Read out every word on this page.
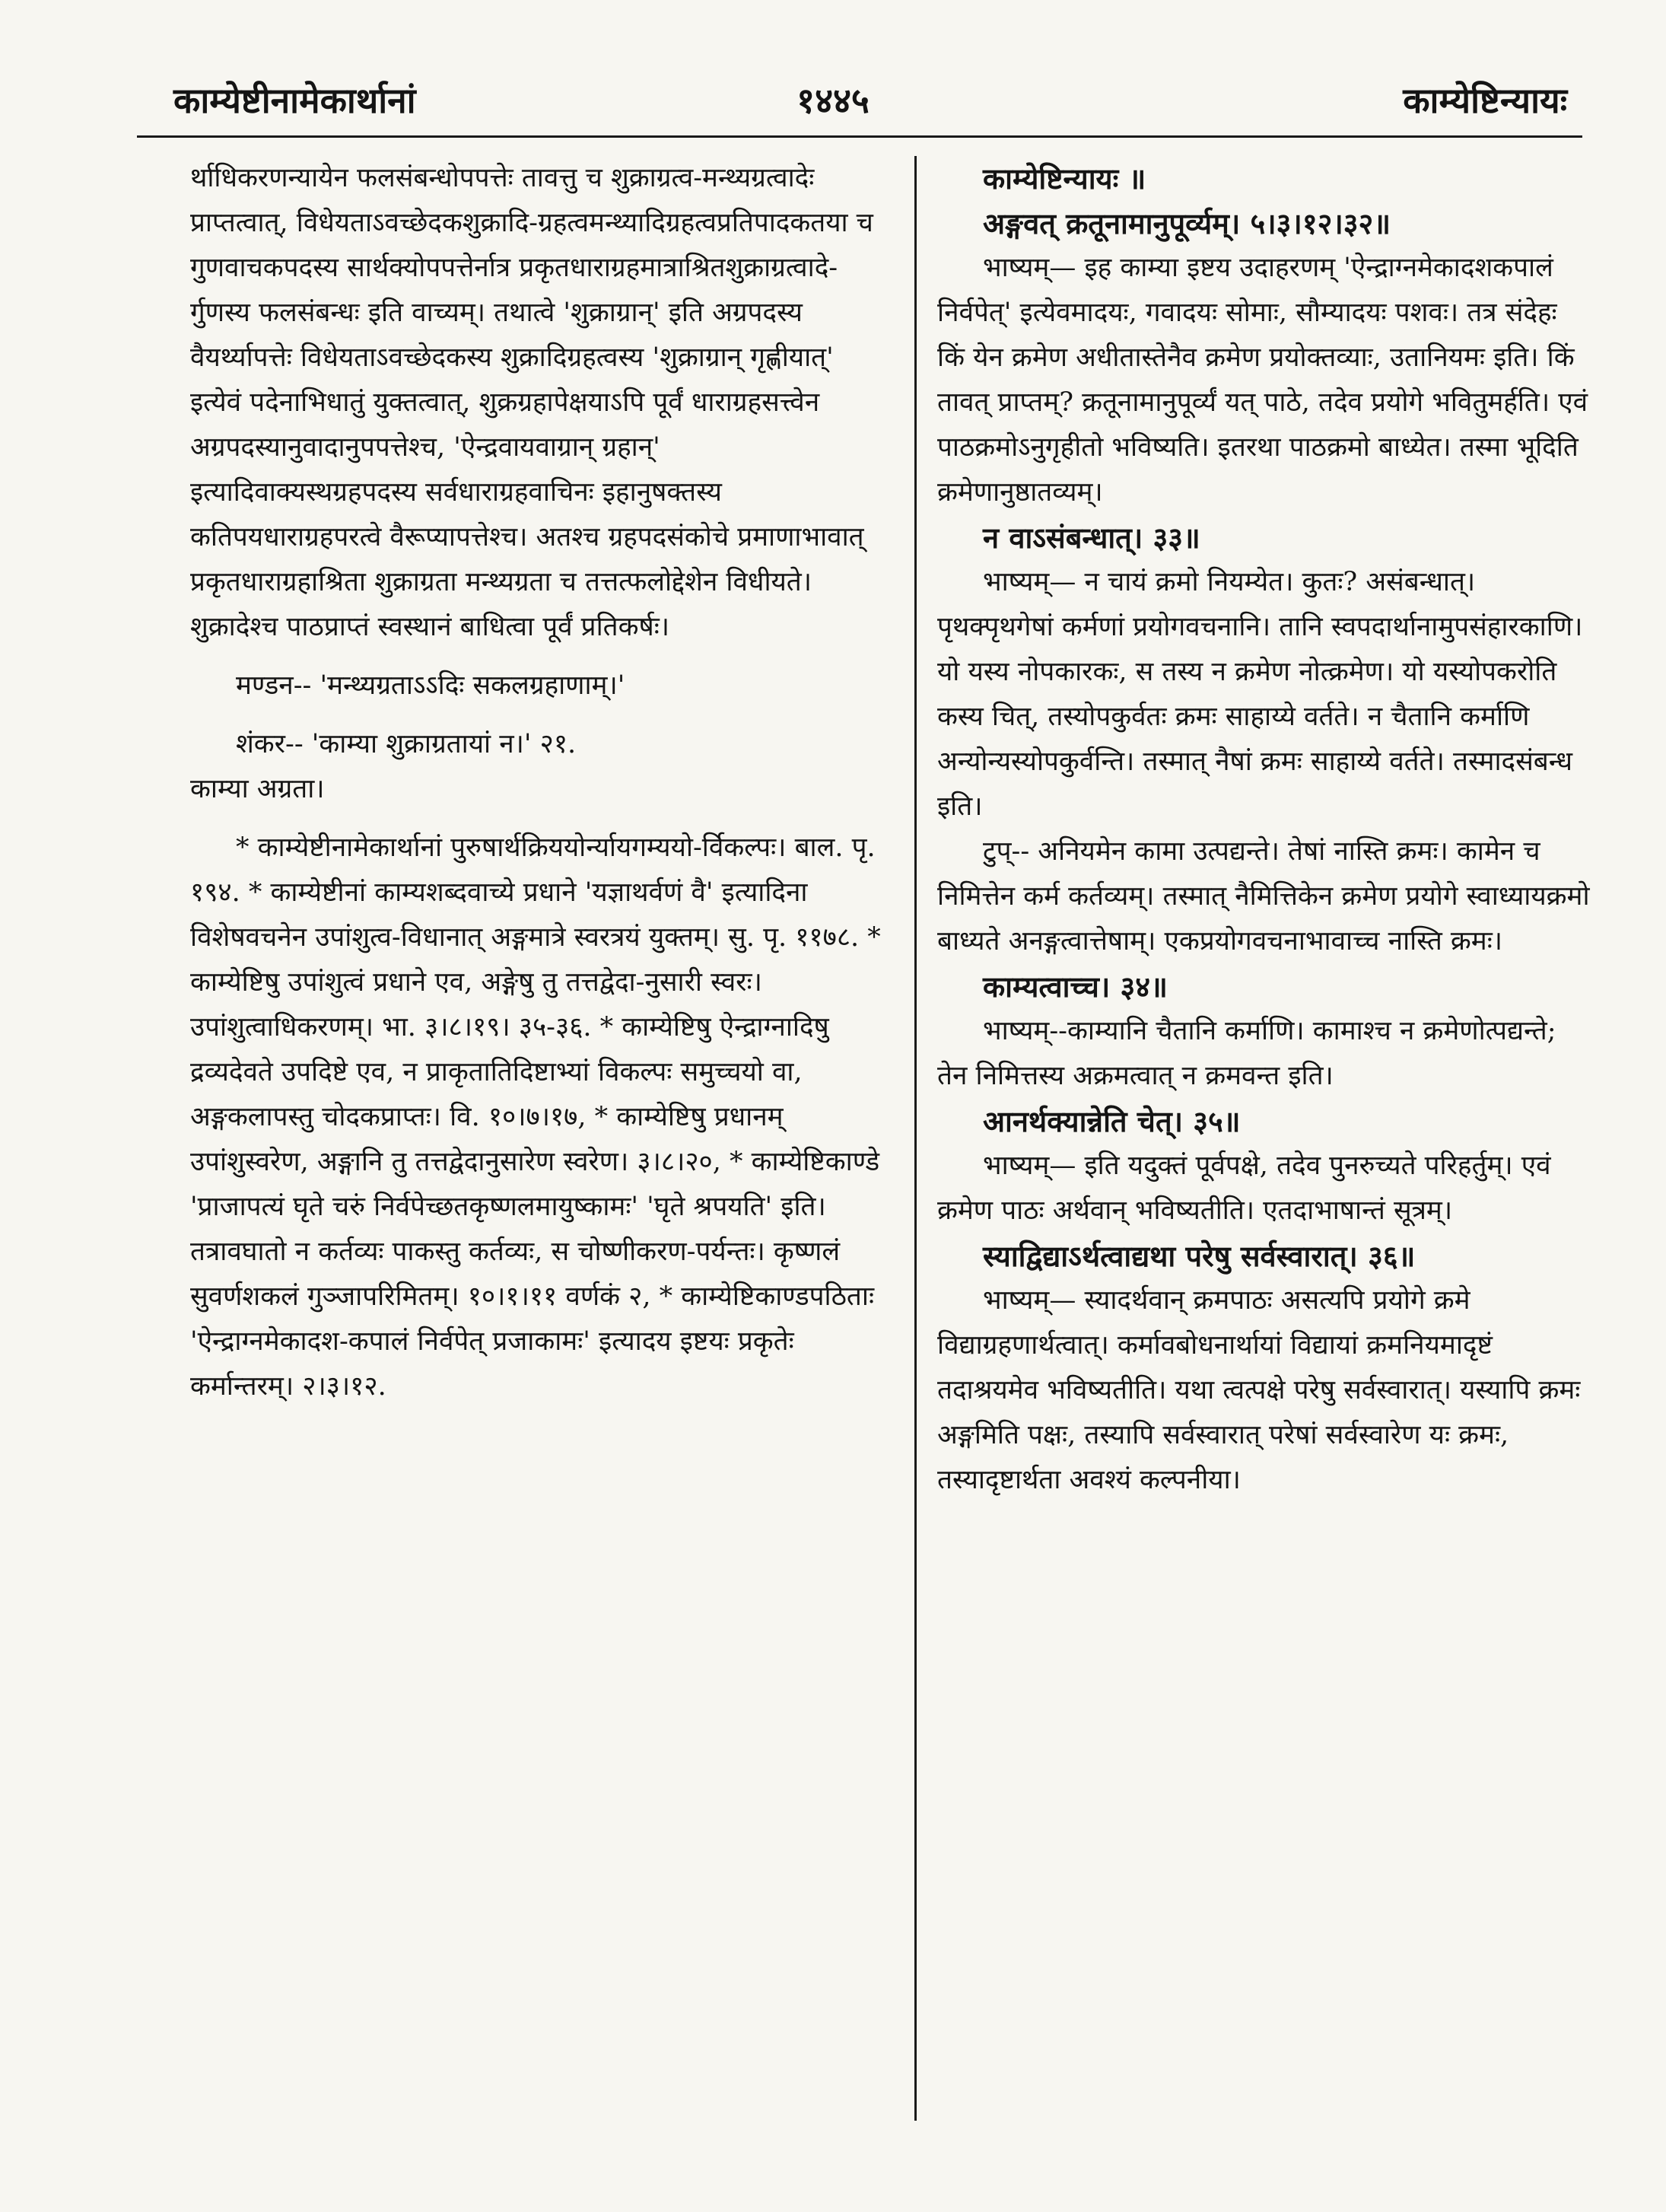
काम्येष्टीनामेकार्थानां	१४४५	काम्येष्टिन्यायः

र्थाधिकरणन्यायेन फलसंबन्धोपपत्तेः तावत्तु च शुक्राग्रत्व-मन्थ्यग्रत्वादेः प्राप्तत्वात्, विधेयताऽवच्छेदकशुक्रादि-ग्रहत्वमन्थ्यादिग्रहत्वप्रतिपादकतया च गुणवाचकपदस्य सार्थक्योपपत्तेर्नात्र प्रकृतधाराग्रहमात्राश्रितशुक्राग्रत्वादे-र्गुणस्य फलसंबन्धः इति वाच्यम्। तथात्वे 'शुक्राग्रान्' इति अग्रपदस्य वैयर्थ्यापत्तेः विधेयताऽवच्छेदकस्य शुक्रादिग्रहत्वस्य 'शुक्राग्रान् गृह्णीयात्' इत्येवं पदेनाभिधातुं युक्तत्वात्, शुक्रग्रहापेक्षयाऽपि पूर्वं धाराग्रहसत्त्वेन अग्रपदस्यानुवादानुपपत्तेश्च, 'ऐन्द्रवायवाग्रान् ग्रहान्' इत्यादिवाक्यस्थग्रहपदस्य सर्वधाराग्रहवाचिनः इहानुषक्तस्य कतिपयधाराग्रहपरत्वे वैरूप्यापत्तेश्च। अतश्च ग्रहपदसंकोचे प्रमाणाभावात् प्रकृतधाराग्रहाश्रिता शुक्राग्रता मन्थ्यग्रता च तत्तत्फलोद्देशेन विधीयते। शुक्रादेश्च पाठप्राप्तं स्वस्थानं बाधित्वा पूर्वं प्रतिकर्षः।

मण्डन-- 'मन्थ्यग्रताऽऽदिः सकलग्रहाणाम्।'

शंकर-- 'काम्या शुक्राग्रतायां न।' २१.

काम्या अग्रता।

* काम्येष्टीनामेकार्थानां पुरुषार्थक्रिययोर्न्यायगम्ययो-र्विकल्पः। बाल. पृ. १९४. * काम्येष्टीनां काम्यशब्दवाच्ये प्रधाने 'यज्ञाथर्वणं वै' इत्यादिना विशेषवचनेन उपांशुत्व-विधानात् अङ्गमात्रे स्वरत्रयं युक्तम्। सु. पृ. ११७८. * काम्येष्टिषु उपांशुत्वं प्रधाने एव, अङ्गेषु तु तत्तद्वेदा-नुसारी स्वरः। उपांशुत्वाधिकरणम्। भा. ३।८।१९। ३५-३६. * काम्येष्टिषु ऐन्द्राग्नादिषु द्रव्यदेवते उपदिष्टे एव, न प्राकृतातिदिष्टाभ्यां विकल्पः समुच्चयो वा, अङ्गकलापस्तु चोदकप्राप्तः। वि. १०।७।१७, * काम्येष्टिषु प्रधानम् उपांशुस्वरेण, अङ्गानि तु तत्तद्वेदानुसारेण स्वरेण। ३।८।२०, * काम्येष्टिकाण्डे 'प्राजापत्यं घृते चरुं निर्वपेच्छतकृष्णलमायुष्कामः' 'घृते श्रपयति' इति। तत्रावघातो न कर्तव्यः पाकस्तु कर्तव्यः, स चोष्णीकरण-पर्यन्तः। कृष्णलं सुवर्णशकलं गुञ्जापरिमितम्। १०।१।११ वर्णकं २, * काम्येष्टिकाण्डपठिताः 'ऐन्द्राग्नमेकादश-कपालं निर्वपेत् प्रजाकामः' इत्यादय इष्टयः प्रकृतेः कर्मान्तरम्। २।३।१२.

काम्येष्टिन्यायः ॥

अङ्गवत् क्रतूनामानुपूर्व्यम्। ५।३।१२।३२॥

भाष्यम्— इह काम्या इष्टय उदाहरणम् 'ऐन्द्राग्नमेकादशकपालं निर्वपेत्' इत्येवमादयः, गवादयः सोमाः, सौम्यादयः पशवः। तत्र संदेहः किं येन क्रमेण अधीतास्तेनैव क्रमेण प्रयोक्तव्याः, उतानियमः इति। किं तावत् प्राप्तम्? क्रतूनामानुपूर्व्यं यत् पाठे, तदेव प्रयोगे भवितुमर्हति। एवं पाठक्रमोऽनुगृहीतो भविष्यति। इतरथा पाठक्रमो बाध्येत। तस्मा भूदिति क्रमेणानुष्ठातव्यम्।

न वाऽसंबन्धात्। ३३॥

भाष्यम्— न चायं क्रमो नियम्येत। कुतः? असंबन्धात्। पृथक्पृथगेषां कर्मणां प्रयोगवचनानि। तानि स्वपदार्थानामुपसंहारकाणि। यो यस्य नोपकारकः, स तस्य न क्रमेण नोत्क्रमेण। यो यस्योपकरोति कस्य चित्, तस्योपकुर्वतः क्रमः साहाय्ये वर्तते। न चैतानि कर्माणि अन्योन्यस्योपकुर्वन्ति। तस्मात् नैषां क्रमः साहाय्ये वर्तते। तस्मादसंबन्ध इति।

टुप्-- अनियमेन कामा उत्पद्यन्ते। तेषां नास्ति क्रमः। कामेन च निमित्तेन कर्म कर्तव्यम्। तस्मात् नैमित्तिकेन क्रमेण प्रयोगे स्वाध्यायक्रमो बाध्यते अनङ्गत्वात्तेषाम्। एकप्रयोगवचनाभावाच्च नास्ति क्रमः।

काम्यत्वाच्च। ३४॥

भाष्यम्--काम्यानि चैतानि कर्माणि। कामाश्च न क्रमेणोत्पद्यन्ते; तेन निमित्तस्य अक्रमत्वात् न क्रमवन्त इति।

आनर्थक्यान्नेति चेत्। ३५॥

भाष्यम्— इति यदुक्तं पूर्वपक्षे, तदेव पुनरुच्यते परिहर्तुम्। एवं क्रमेण पाठः अर्थवान् भविष्यतीति। एतदाभाषान्तं सूत्रम्।

स्याद्विद्याऽर्थत्वाद्यथा परेषु सर्वस्वारात्। ३६॥

भाष्यम्— स्यादर्थवान् क्रमपाठः असत्यपि प्रयोगे क्रमे विद्याग्रहणार्थत्वात्। कर्मावबोधनार्थायां विद्यायां क्रमनियमादृष्टं तदाश्रयमेव भविष्यतीति। यथा त्वत्पक्षे परेषु सर्वस्वारात्। यस्यापि क्रमः अङ्गमिति पक्षः, तस्यापि सर्वस्वारात् परेषां सर्वस्वारेण यः क्रमः, तस्यादृष्टार्थता अवश्यं कल्पनीया।
